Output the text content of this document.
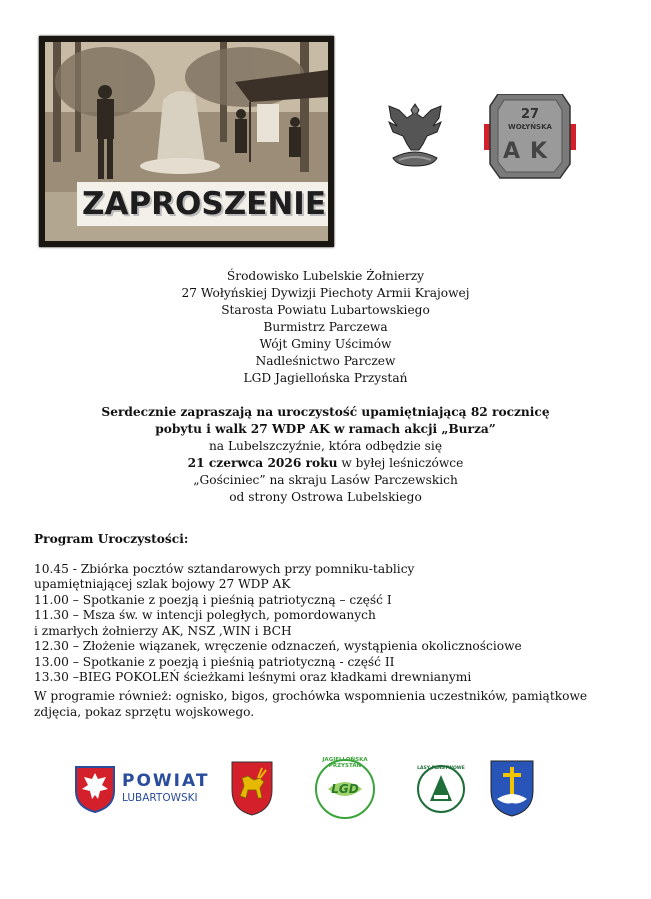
ZAPROSZENIE
27
WOŁYŃSKA
AK
Środowisko Lubelskie Żołnierzy
27 Wołyńskiej Dywizji Piechoty Armii Krajowej
Starosta Powiatu Lubartowskiego
Burmistrz Parczewa
Wójt Gminy Uścimów
Nadleśnictwo Parczew
LGD Jagiellońska Przystań
Serdecznie zapraszają na uroczystość upamiętniającą 82 rocznicę
pobytu i walk 27 WDP AK w ramach akcji „Burza”
na Lubelszczyźnie, która odbędzie się
21 czerwca 2026 roku w byłej leśniczówce
„Gościniec” na skraju Lasów Parczewskich
od strony Ostrowa Lubelskiego
Program Uroczystości:
10.45 - Zbiórka pocztów sztandarowych przy pomniku-tablicy
upamiętniającej szlak bojowy 27 WDP AK
11.00 – Spotkanie z poezją i pieśnią patriotyczną – część I
11.30 – Msza św. w intencji poległych, pomordowanych
i zmarłych żołnierzy AK, NSZ ,WIN i BCH
12.30 – Złożenie wiązanek, wręczenie odznaczeń, wystąpienia okolicznościowe
13.00 – Spotkanie z poezją i pieśnią patriotyczną - część II
13.30 –BIEG POKOLEŃ ścieżkami leśnymi oraz kładkami drewnianymi
W programie również: ognisko, bigos, grochówka wspomnienia uczestników, pamiątkowe zdjęcia, pokaz sprzętu wojskowego.
POWIAT
LUBARTOWSKI
JAGIELLOŃSKA PRZYSTAŃ
LGD
LASY PAŃSTWOWE
